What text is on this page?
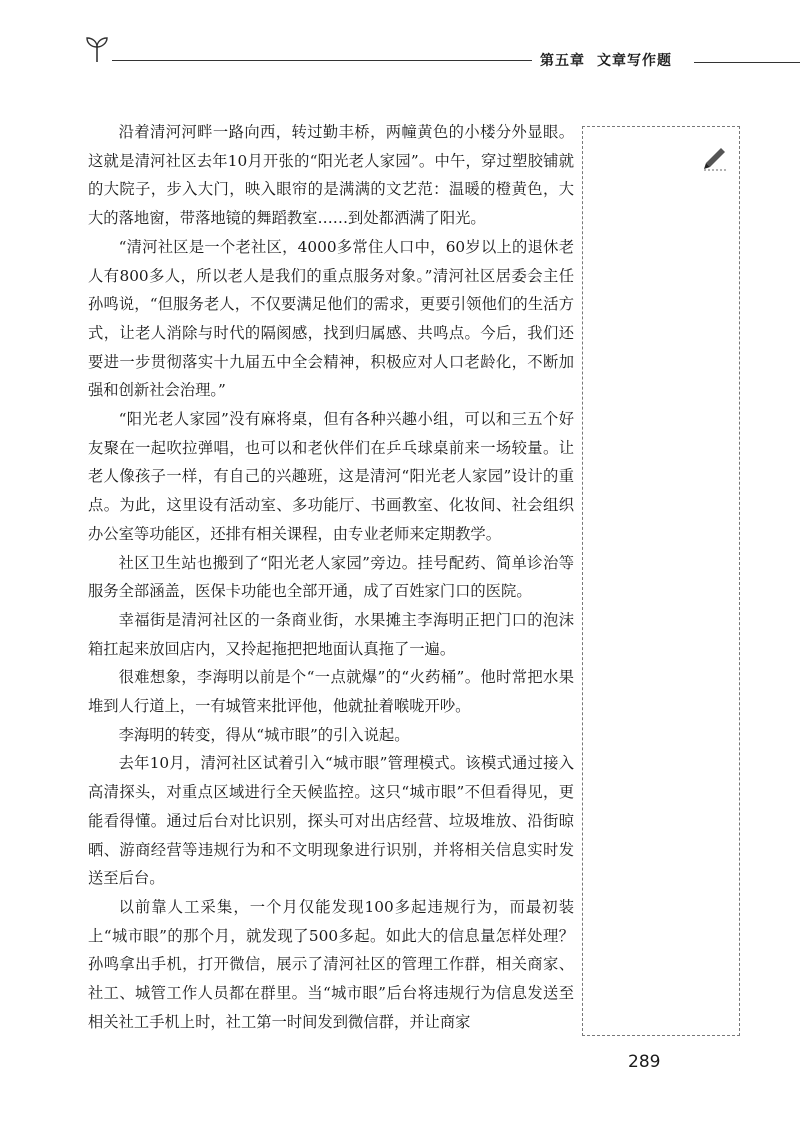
第五章 文章写作题

沿着清河河畔一路向西，转过勤丰桥，两幢黄色的小楼分外显眼。这就是清河社区去年10月开张的“阳光老人家园”。中午，穿过塑胶铺就的大院子，步入大门，映入眼帘的是满满的文艺范：温暖的橙黄色，大大的落地窗，带落地镜的舞蹈教室……到处都洒满了阳光。

“清河社区是一个老社区，4000多常住人口中，60岁以上的退休老人有800多人，所以老人是我们的重点服务对象。”清河社区居委会主任孙鸣说，“但服务老人，不仅要满足他们的需求，更要引领他们的生活方式，让老人消除与时代的隔阂感，找到归属感、共鸣点。今后，我们还要进一步贯彻落实十九届五中全会精神，积极应对人口老龄化，不断加强和创新社会治理。”

“阳光老人家园”没有麻将桌，但有各种兴趣小组，可以和三五个好友聚在一起吹拉弹唱，也可以和老伙伴们在乒乓球桌前来一场较量。让老人像孩子一样，有自己的兴趣班，这是清河“阳光老人家园”设计的重点。为此，这里设有活动室、多功能厅、书画教室、化妆间、社会组织办公室等功能区，还排有相关课程，由专业老师来定期教学。

社区卫生站也搬到了“阳光老人家园”旁边。挂号配药、简单诊治等服务全部涵盖，医保卡功能也全部开通，成了百姓家门口的医院。

幸福街是清河社区的一条商业街，水果摊主李海明正把门口的泡沫箱扛起来放回店内，又拎起拖把把地面认真拖了一遍。

很难想象，李海明以前是个“一点就爆”的“火药桶”。他时常把水果堆到人行道上，一有城管来批评他，他就扯着喉咙开吵。

李海明的转变，得从“城市眼”的引入说起。

去年10月，清河社区试着引入“城市眼”管理模式。该模式通过接入高清探头，对重点区域进行全天候监控。这只“城市眼”不但看得见，更能看得懂。通过后台对比识别，探头可对出店经营、垃圾堆放、沿街晾晒、游商经营等违规行为和不文明现象进行识别，并将相关信息实时发送至后台。

以前靠人工采集，一个月仅能发现100多起违规行为，而最初装上“城市眼”的那个月，就发现了500多起。如此大的信息量怎样处理？孙鸣拿出手机，打开微信，展示了清河社区的管理工作群，相关商家、社工、城管工作人员都在群里。当“城市眼”后台将违规行为信息发送至相关社工手机上时，社工第一时间发到微信群，并让商家

289
